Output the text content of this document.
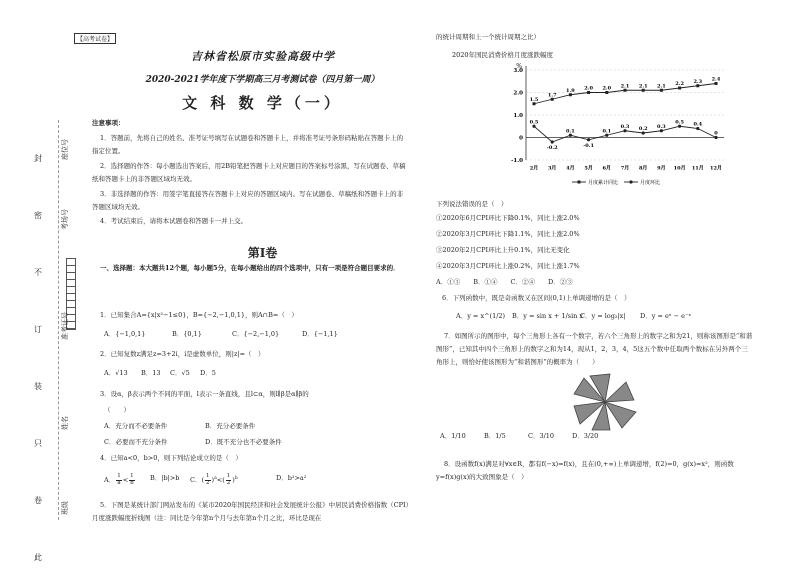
封
密
不
订
装
只
卷
此
座位号
考场号
准考证号
姓名
班级
【高考试卷】
吉林省松原市实验高级中学
2020-2021学年度下学期高三月考测试卷（四月第一周）
文 科 数 学（一）
注意事项：
1．答题前，先将自己的姓名、准考证号填写在试题卷和答题卡上，并将准考证号条形码粘贴在答题卡上的指定位置。
2．选择题的作答：每小题选出答案后，用2B铅笔把答题卡上对应题目的答案标号涂黑，写在试题卷、草稿纸和答题卡上的非答题区域均无效。
3．非选择题的作答：用签字笔直接答在答题卡上对应的答题区域内。写在试题卷、草稿纸和答题卡上的非答题区域均无效。
4．考试结束后，请将本试题卷和答题卡一并上交。
第Ⅰ卷
一、选择题：本大题共12个题，每小题5分，在每小题给出的四个选项中，只有一项是符合题目要求的．
1．已知集合A={x|x²−1≤0}，B={−2,−1,0,1}，则A∩B=（　）
A．{−1,0,1}	B．{0,1}	C．{−2,−1,0}	D．{−1,1}
2．已知复数z满足z=3+2i，i是虚数单位，则|z|=（　）
A．√13 B．13 C．√5 D．5
3．设α，β表示两个不同的平面，l表示一条直线，且l⊂α，则l∥β是α∥β的
（　　）
A．充分而不必要条件	B．充分必要条件
C．必要而不充分条件	D．既不充分也不必要条件
4．已知a<0，b>0，则下列结论成立的是（　）
A． $\frac{1}{a} < \frac{1}{b}$ B．|b|>b C．( $\frac{1}{2} )^a<( \frac{1}{2} )^b$	D．b²>a²
5．下图是某统计部门网站发布的《某市2020年国民经济和社会发展统计公报》中居民消费价格指数（CPI）月度涨跌幅度折线图（注：同比是今年第n个月与去年第n个月之比，环比是现在
的统计周期和上一个统计周期之比）
2020年国民消费价格月度涨跌幅度
%
3.0
2.0
1.0
0
-1.0
2月 3月 4月 5月 6月 7月 8月 9月 10月 11月 12月
1.5
1.7
1.9 2.0 2.0 2.1 2.1 2.1 2.2 2.3 2.4
0.5
-0.2
0.1
-0.1
0.1
0.3 0.2 0.3
0.5 0.4
0
月度累计同比	月度环比
下列说法错误的是（　）
①2020年6月CPI环比下降0.1%，同比上涨2.0%
②2020年3月CPI环比下降1.1%，同比上涨2.0%
③2020年2月CPI环比上升0.1%，同比无变化
④2020年3月CPI环比上涨0.2%，同比上涨1.7%
A．①③　　B．①④　　C．②④　　D．②③
6．下列函数中，既是奇函数又在区间(0,1)上单调递增的是（　）
A．y = x^(1/2) B．y = sin x + 1/sin x
C．y = log₂|x| D．y = eˣ − e⁻ˣ
7．如图所示的图形中，每个三角形上各有一个数字，若六个三角形上的数字之和为21，则称该图形是“和谐图形”，已知其中四个三角形上的数字之和为14，现从1，2，3，4，5这五个数中任取两个数标在另外两个三角形上，则恰好使该图形为“和谐图形”的概率为（　　）
A．1/10	B．1/5	C．3/10	D．3/20
8．设函数f(x)满足对∀x∈R，都有f(−x)=f(x)，且在(0,+∞)上单调递增，f(2)=0，g(x)=x²，则函数y=f(x)g(x)的大致图象是（　）
